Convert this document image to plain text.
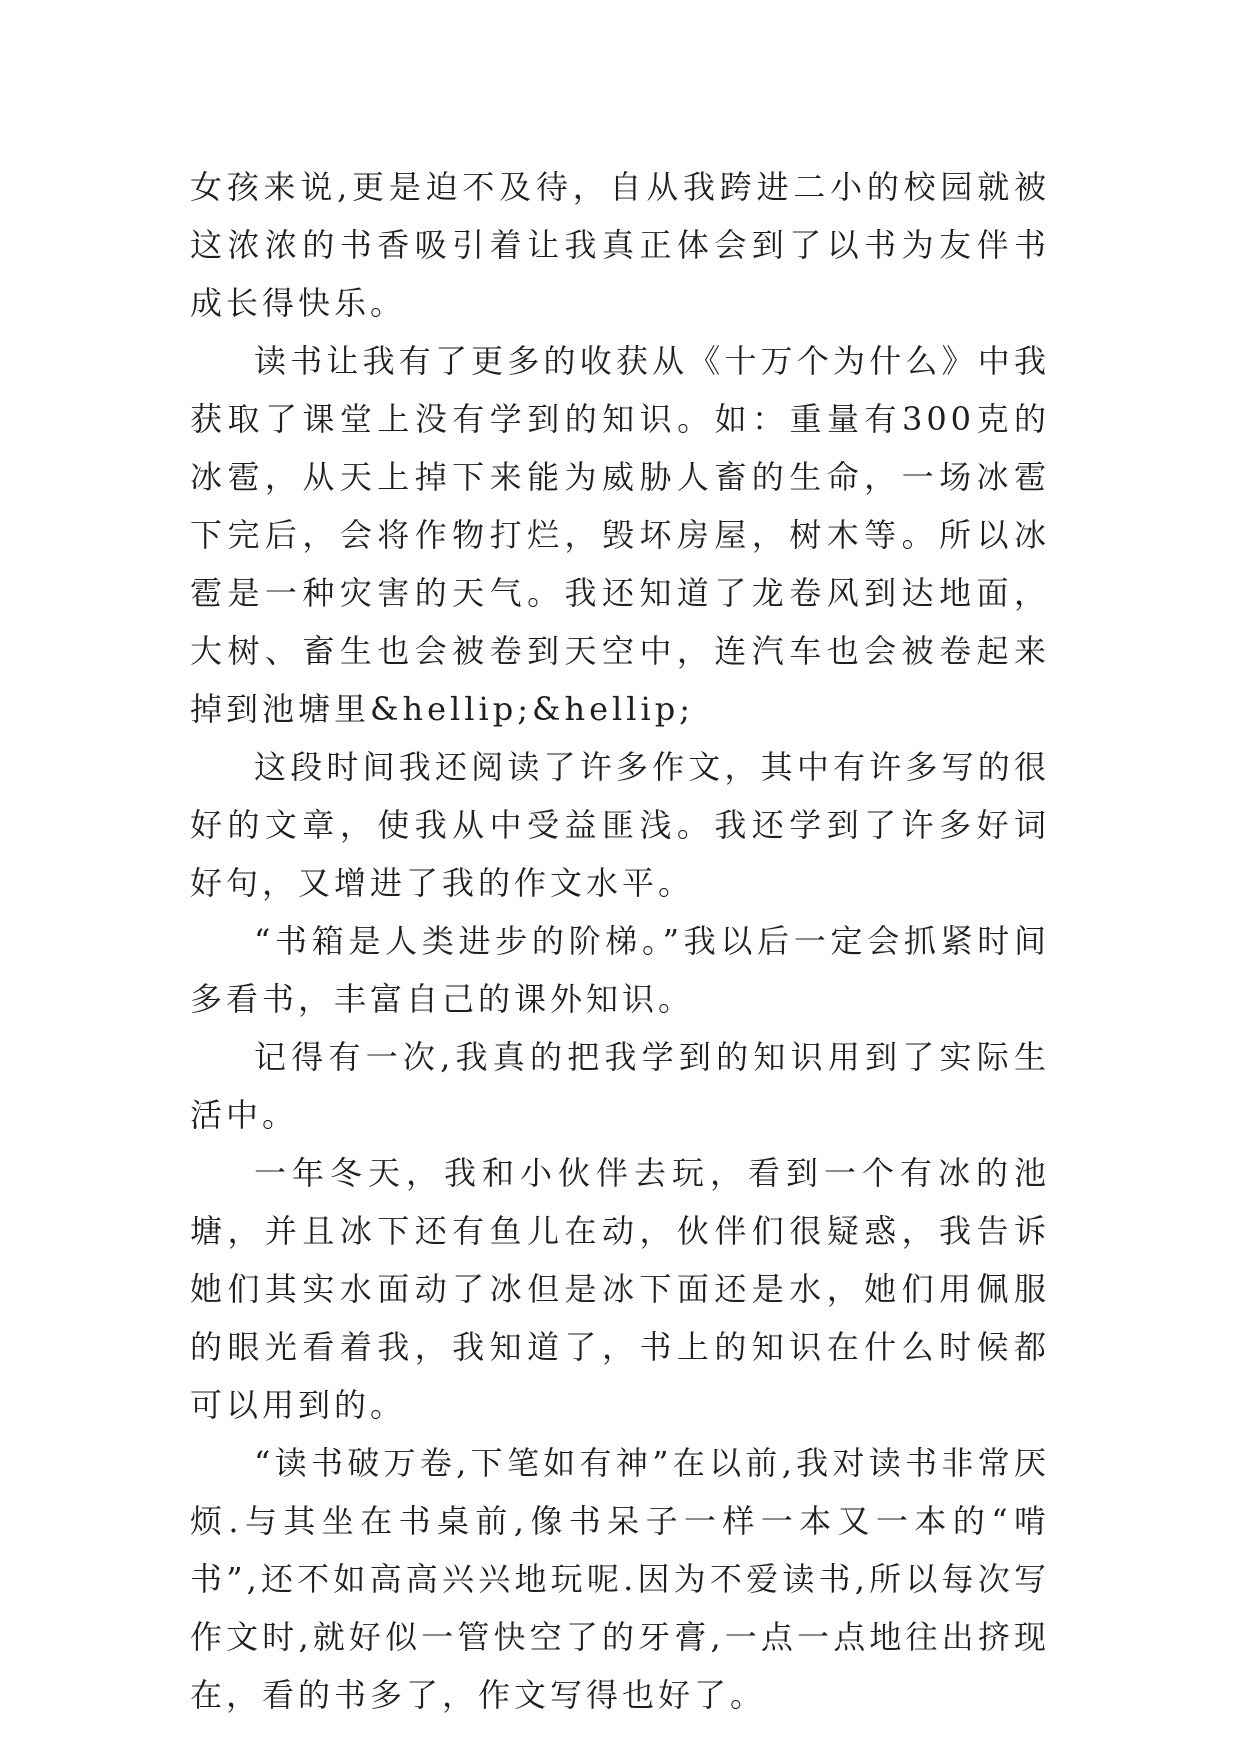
女孩来说,更是迫不及待，自从我跨进二小的校园就被这浓浓的书香吸引着让我真正体会到了以书为友伴书成长得快乐。

读书让我有了更多的收获从《十万个为什么》中我获取了课堂上没有学到的知识。如：重量有300克的冰雹，从天上掉下来能为威胁人畜的生命，一场冰雹下完后，会将作物打烂，毁坏房屋，树木等。所以冰雹是一种灾害的天气。我还知道了龙卷风到达地面，大树、畜生也会被卷到天空中，连汽车也会被卷起来掉到池塘里&hellip;&hellip;

这段时间我还阅读了许多作文，其中有许多写的很好的文章，使我从中受益匪浅。我还学到了许多好词好句，又增进了我的作文水平。

“书箱是人类进步的阶梯。”我以后一定会抓紧时间多看书，丰富自己的课外知识。

记得有一次,我真的把我学到的知识用到了实际生活中。

一年冬天，我和小伙伴去玩，看到一个有冰的池塘，并且冰下还有鱼儿在动，伙伴们很疑惑，我告诉她们其实水面动了冰但是冰下面还是水，她们用佩服的眼光看着我，我知道了，书上的知识在什么时候都可以用到的。

“读书破万卷,下笔如有神”在以前,我对读书非常厌烦.与其坐在书桌前,像书呆子一样一本又一本的“啃书”,还不如高高兴兴地玩呢.因为不爱读书,所以每次写作文时,就好似一管快空了的牙膏,一点一点地往出挤现在，看的书多了，作文写得也好了。
